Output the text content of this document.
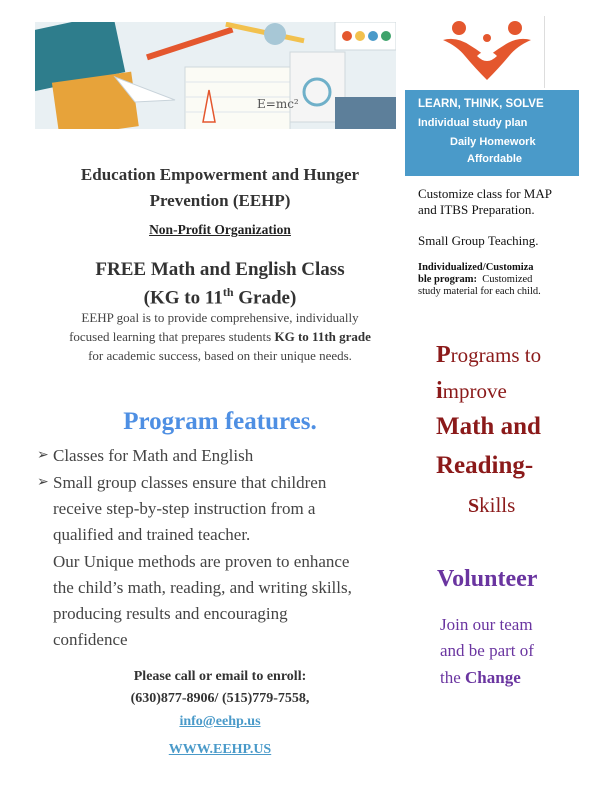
E=mc²	LEARN, THINK, SOLVE
Individual study plan
Daily Homework
Affordable
Customize class for MAP
and ITBS Preparation.
Small Group Teaching.
Individualized/Customiza
ble program: Customized
study material for each child.
Education Empowerment and Hunger
Prevention (EEHP)
Non-Profit Organization
FREE Math and English Class
(KG to 11th Grade)
EEHP goal is to provide comprehensive, individually
focused learning that prepares students KG to 11th grade
for academic success, based on their unique needs.
Program features.
➢ Classes for Math and English
➢ Small group classes ensure that children
receive step-by-step instruction from a
qualified and trained teacher.
Our Unique methods are proven to enhance
the child’s math, reading, and writing skills,
producing results and encouraging
confidence
Please call or email to enroll:
(630)877-8906/ (515)779-7558,
info@eehp.us
WWW.EEHP.US
Programs to
improve
Math and
Reading-
Skills
Volunteer
Join our team
and be part of
the Change
